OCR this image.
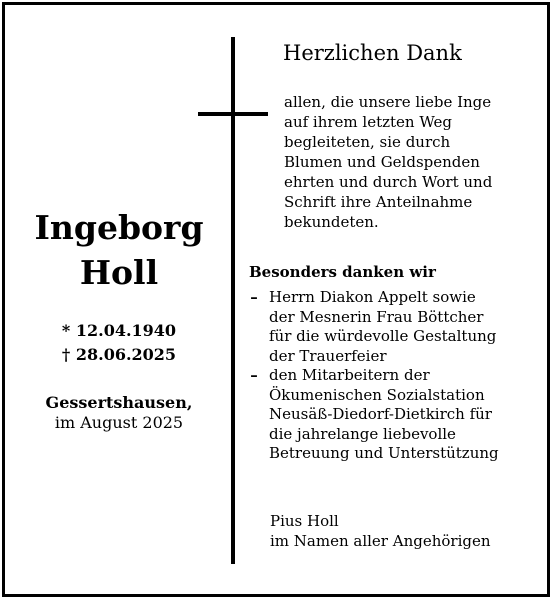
Ingeborg
Holl
* 12.04.1940
† 28.06.2025
Gessertshausen,
im August 2025
Herzlichen Dank
allen, die unsere liebe Inge
auf ihrem letzten Weg
begleiteten, sie durch
Blumen und Geldspenden
ehrten und durch Wort und
Schrift ihre Anteilnahme
bekundeten.
Besonders danken wir
– Herrn Diakon Appelt sowie
der Mesnerin Frau Böttcher
für die würdevolle Gestaltung
der Trauerfeier
– den Mitarbeitern der
Ökumenischen Sozialstation
Neusäß-Diedorf-Dietkirch für
die jahrelange liebevolle
Betreuung und Unterstützung
Pius Holl
im Namen aller Angehörigen
